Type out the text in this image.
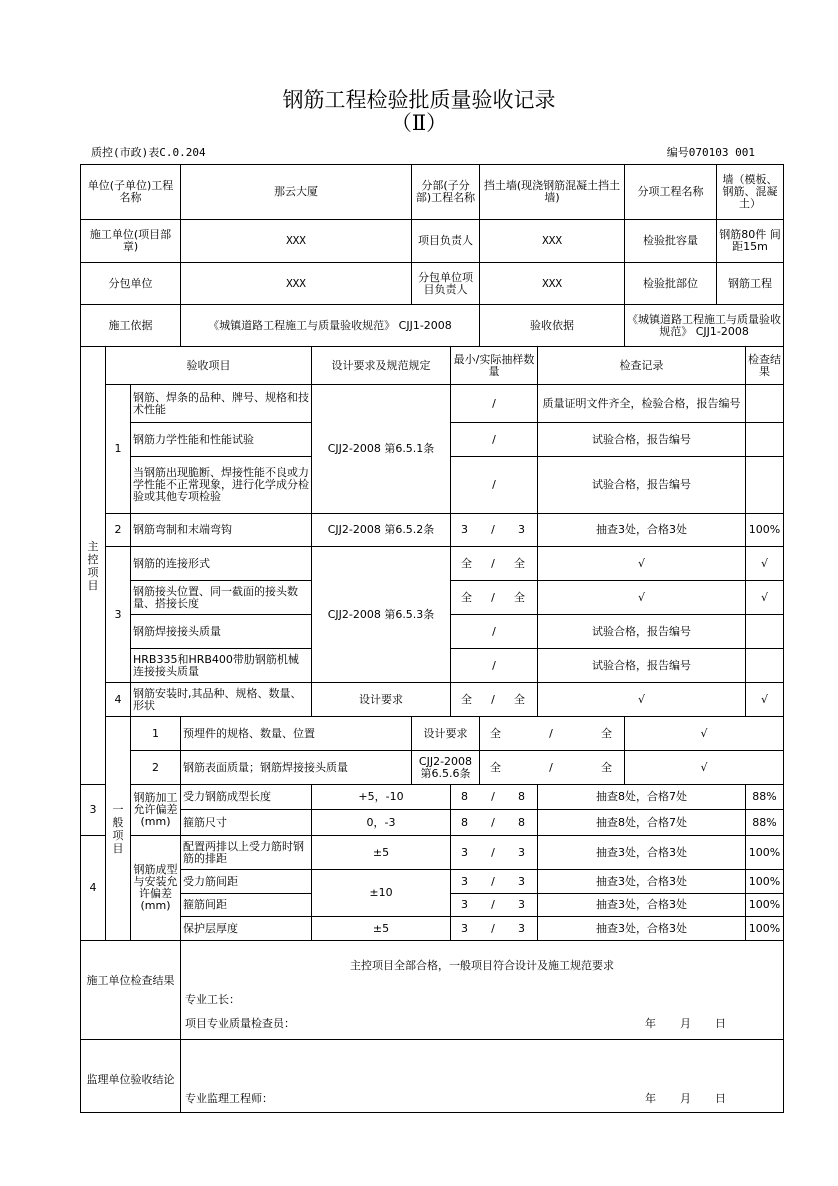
钢筋工程检验批质量验收记录
（Ⅱ）
质控(市政)表C.0.204	编号070103 001
单位(子单位)工程名称			那云大厦		分部(子分部)工程名称		挡土墙(现浇钢筋混凝土挡土墙)		分项工程名称	墙（模板、钢筋、混凝土）		
施工单位(项目部章)			XXX		项目负责人		XXX		检验批容量	钢筋80件 间距15m		
分包单位			XXX		分包单位项目负责人		XXX		检验批部位	钢筋工程		
施工依据			《城镇道路工程施工与质量验收规范》 CJJ1-2008				验收依据		《城镇道路工程施工与质量验收规范》 CJJ1-2008			
主控项目	验收项目			设计要求及规范规定		最小/实际抽样数量		检查记录			检查结果	
	1	钢筋、焊条的品种、牌号、规格和技术性能		CJJ2-2008 第6.5.1条		/		质量证明文件齐全，检验合格，报告编号				
		钢筋力学性能和性能试验				/		试验合格，报告编号				
		当钢筋出现脆断、焊接性能不良或力学性能不正常现象，进行化学成分检验或其他专项检验				/		试验合格，报告编号				
	2	钢筋弯制和末端弯钩		CJJ2-2008 第6.5.2条		3 / 3		抽查3处，合格3处			100%	
	3	钢筋的连接形式		CJJ2-2008 第6.5.3条		全 / 全		√			√	
		钢筋接头位置、同一截面的接头数量、搭接长度				全 / 全		√			√	
		钢筋焊接接头质量				/		试验合格，报告编号				
		HRB335和HRB400带肋钢筋机械连接接头质量				/		试验合格，报告编号				
	4	钢筋安装时,其品种、规格、数量、形状		设计要求		全 / 全		√			√	
	一般项目	1	预埋件的规格、数量、位置		设计要求		全 / 全		√	
		2	钢筋表面质量；钢筋焊接接头质量		CJJ2-2008 第6.5.6条		全 / 全		√	
3		钢筋加工允许偏差(mm)	受力钢筋成型长度	+5，-10		8 / 8		抽查8处，合格7处			88%	
			箍筋尺寸	0，-3		8 / 8		抽查8处，合格7处			88%	
4		钢筋成型与安装允许偏差(mm)	配置两排以上受力筋时钢筋的排距	±5		3 / 3		抽查3处，合格3处			100%	
			受力筋间距	±10		3 / 3		抽查3处，合格3处			100%	
			箍筋间距			3 / 3		抽查3处，合格3处			100%	
			保护层厚度	±5		3 / 3		抽查3处，合格3处			100%	
施工单位检查结果			主控项目全部合格，一般项目符合设计及施工规范要求
专业工长：
项目专业质量检查员： 年 月 日									

监理单位验收结论			专业监理工程师： 年 月 日									
